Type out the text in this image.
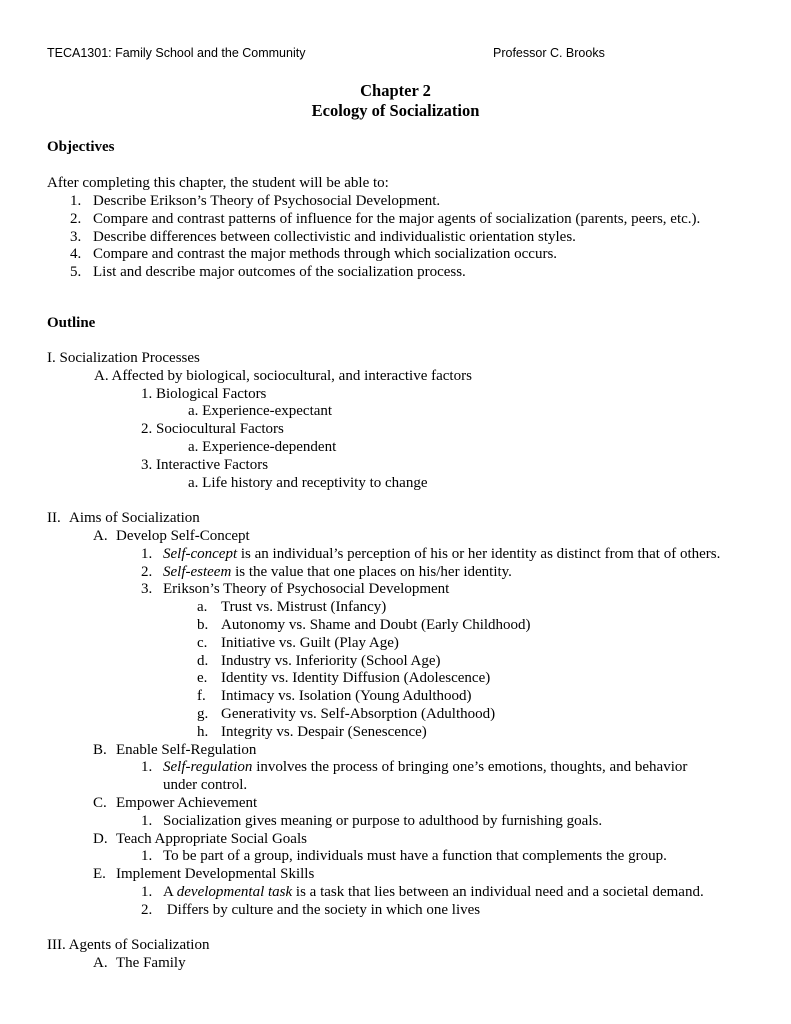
TECA1301: Family School and the Community	Professor C. Brooks
Chapter 2
Ecology of Socialization
Objectives
After completing this chapter, the student will be able to:
1. Describe Erikson’s Theory of Psychosocial Development.
2. Compare and contrast patterns of influence for the major agents of socialization (parents, peers, etc.).
3. Describe differences between collectivistic and individualistic orientation styles.
4. Compare and contrast the major methods through which socialization occurs.
5. List and describe major outcomes of the socialization process.
Outline
I. Socialization Processes
A. Affected by biological, sociocultural, and interactive factors
1. Biological Factors
a. Experience-expectant
2. Sociocultural Factors
a. Experience-dependent
3. Interactive Factors
a. Life history and receptivity to change
II. Aims of Socialization
A. Develop Self-Concept
1. Self-concept is an individual’s perception of his or her identity as distinct from that of others.
2. Self-esteem is the value that one places on his/her identity.
3. Erikson’s Theory of Psychosocial Development
a. Trust vs. Mistrust (Infancy)
b. Autonomy vs. Shame and Doubt (Early Childhood)
c. Initiative vs. Guilt (Play Age)
d. Industry vs. Inferiority (School Age)
e. Identity vs. Identity Diffusion (Adolescence)
f. Intimacy vs. Isolation (Young Adulthood)
g. Generativity vs. Self-Absorption (Adulthood)
h. Integrity vs. Despair (Senescence)
B. Enable Self-Regulation
1. Self-regulation involves the process of bringing one’s emotions, thoughts, and behavior
under control.
C. Empower Achievement
1. Socialization gives meaning or purpose to adulthood by furnishing goals.
D. Teach Appropriate Social Goals
1. To be part of a group, individuals must have a function that complements the group.
E. Implement Developmental Skills
1. A developmental task is a task that lies between an individual need and a societal demand.
2. Differs by culture and the society in which one lives
III. Agents of Socialization
A. The Family
